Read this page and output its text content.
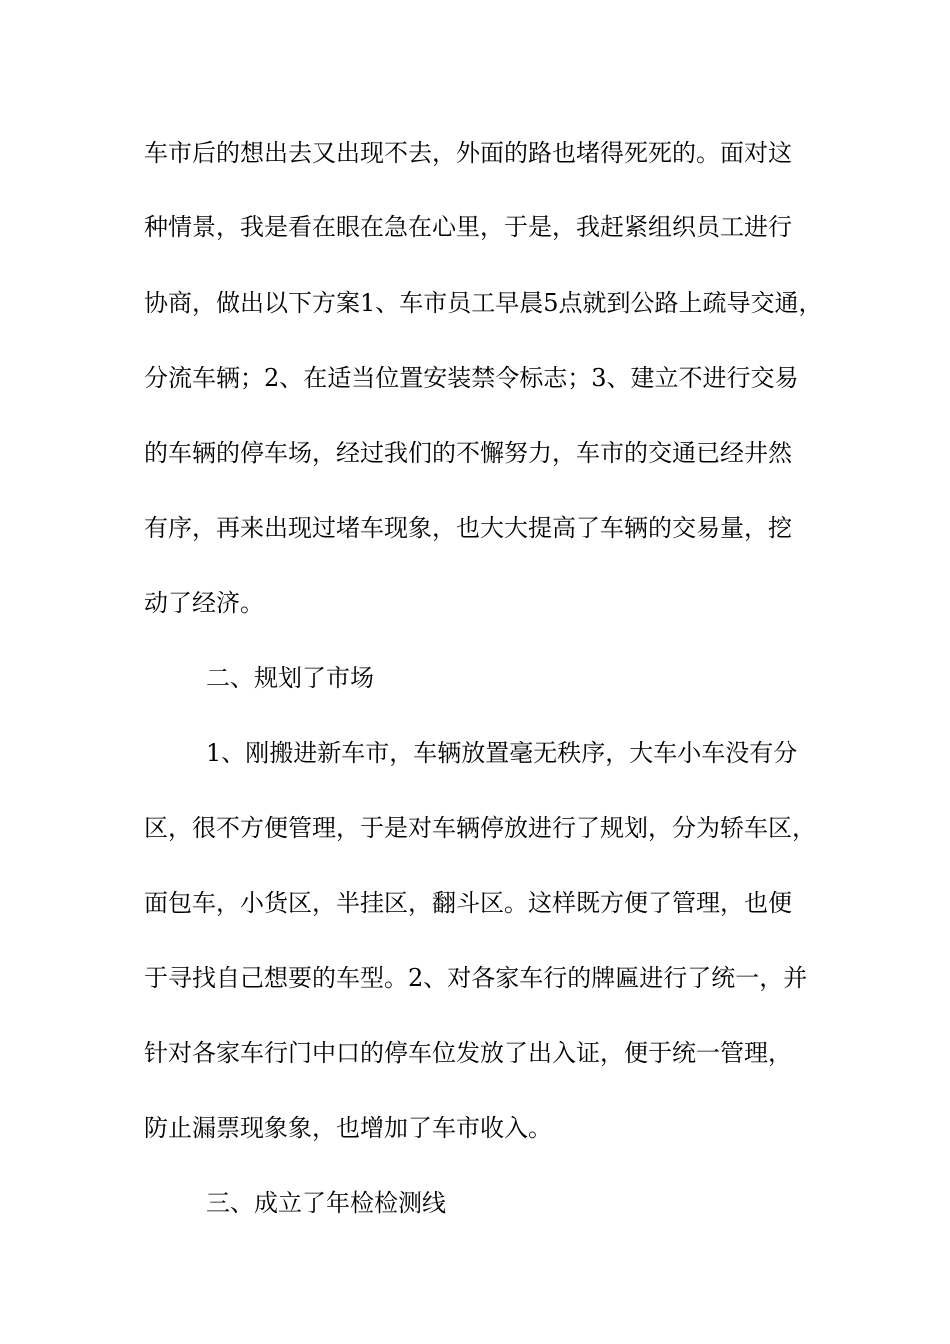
车市后的想出去又出现不去，外面的路也堵得死死的。面对这
种情景，我是看在眼在急在心里，于是，我赶紧组织员工进行
协商，做出以下方案1、车市员工早晨5点就到公路上疏导交通，
分流车辆；2、在适当位置安装禁令标志；3、建立不进行交易
的车辆的停车场，经过我们的不懈努力，车市的交通已经井然
有序，再来出现过堵车现象，也大大提高了车辆的交易量，挖
动了经济。
二、规划了市场
1、刚搬进新车市，车辆放置毫无秩序，大车小车没有分
区，很不方便管理，于是对车辆停放进行了规划，分为轿车区，
面包车，小货区，半挂区，翻斗区。这样既方便了管理，也便
于寻找自己想要的车型。2、对各家车行的牌匾进行了统一，并
针对各家车行门中口的停车位发放了出入证，便于统一管理，
防止漏票现象象，也增加了车市收入。
三、成立了年检检测线
